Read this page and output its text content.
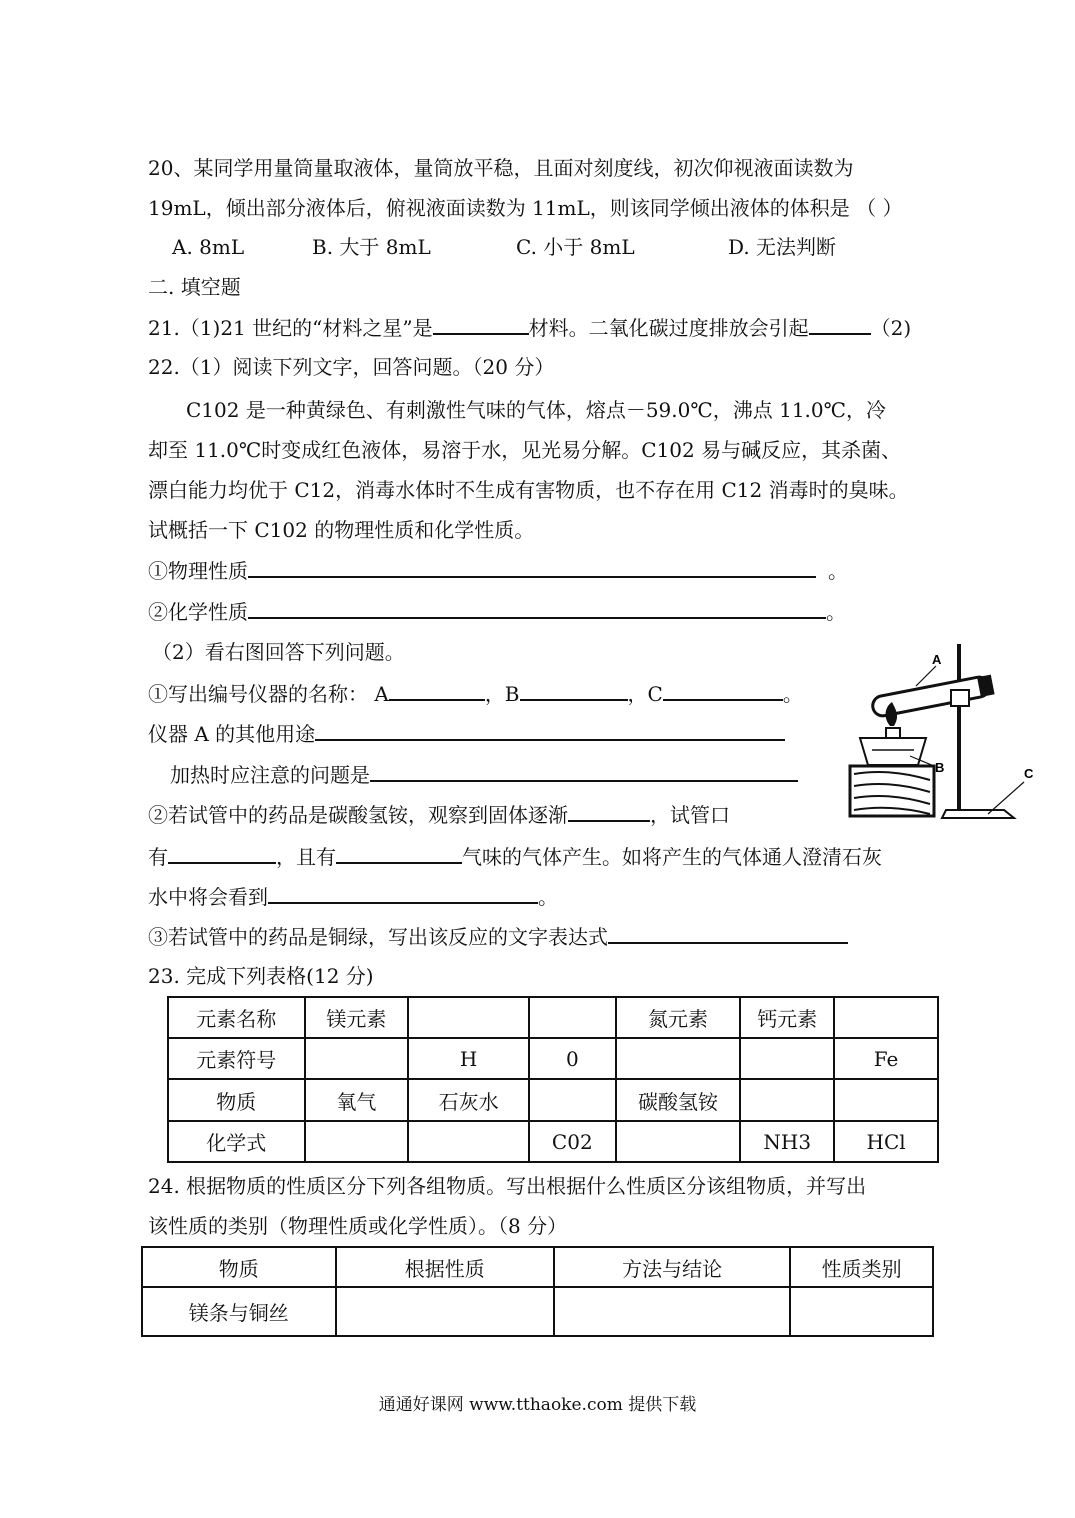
20、某同学用量筒量取液体，量筒放平稳，且面对刻度线，初次仰视液面读数为
19mL，倾出部分液体后，俯视液面读数为 11mL，则该同学倾出液体的体积是 （ ）
A. 8mL	B. 大于 8mL	C. 小于 8mL	D. 无法判断
二. 填空题
21.（1)21 世纪的“材料之星”是	材料。二氧化碳过度排放会引起	（2)
22.（1）阅读下列文字，回答问题。（20 分）
C102 是一种黄绿色、有刺激性气味的气体，熔点－59.0℃，沸点 11.0℃，冷
却至 11.0℃时变成红色液体，易溶于水，见光易分解。C102 易与碱反应，其杀菌、
漂白能力均优于 C12，消毒水体时不生成有害物质，也不存在用 C12 消毒时的臭味。
试概括一下 C102 的物理性质和化学性质。
①物理性质	。
②化学性质	。
（2）看右图回答下列问题。
①写出编号仪器的名称： A	，B	，C	。
仪器 A 的其他用途
加热时应注意的问题是
②若试管中的药品是碳酸氢铵，观察到固体逐渐	，试管口
有	，且有	气味的气体产生。如将产生的气体通人澄清石灰
水中将会看到	。
③若试管中的药品是铜绿，写出该反应的文字表达式
A
B	C
23. 完成下列表格(12 分)
元素名称	镁元素			氮元素	钙元素	
元素符号		H	0			Fe
物质	氧气	石灰水		碳酸氢铵		
化学式			C02		NH3	HCl
24. 根据物质的性质区分下列各组物质。写出根据什么性质区分该组物质，并写出
该性质的类别（物理性质或化学性质）。（8 分）
物质	根据性质	方法与结论	性质类别
镁条与铜丝			
通通好课网 www.tthaoke.com 提供下载
